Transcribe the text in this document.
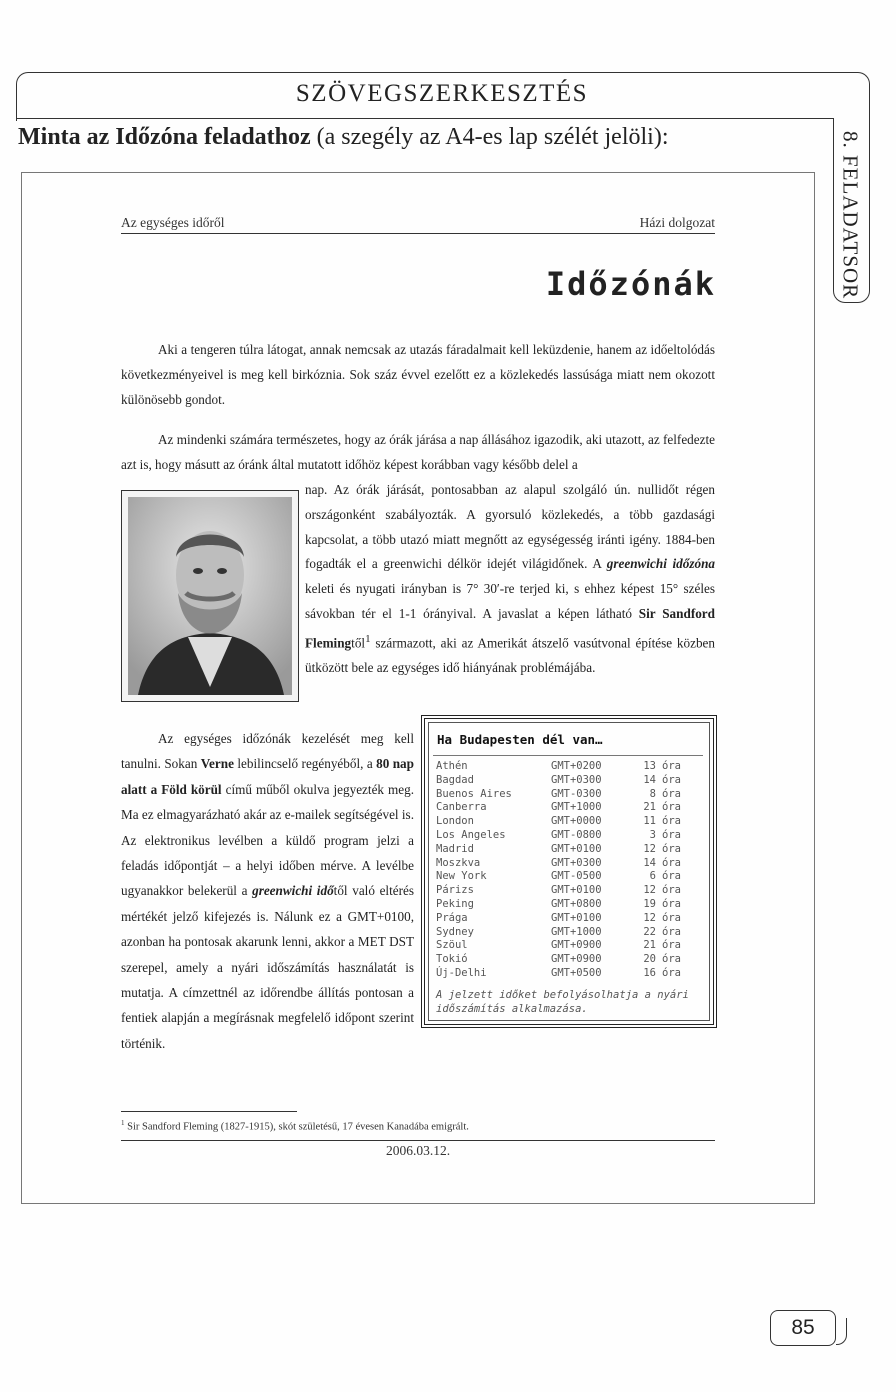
SZÖVEGSZERKESZTÉS
8. FELADATSOR
Minta az Időzóna feladathoz (a szegély az A4-es lap szélét jelöli):
Az egységes időről	Házi dolgozat
Időzónák
Aki a tengeren túlra látogat, annak nemcsak az utazás fáradalmait kell leküzdenie, hanem az időeltolódás következményeivel is meg kell birkóznia. Sok száz évvel ezelőtt ez a közlekedés lassúsága miatt nem okozott különösebb gondot.
Az mindenki számára természetes, hogy az órák járása a nap állásához igazodik, aki utazott, az felfedezte azt is, hogy másutt az óránk által mutatott időhöz képest korábban vagy később delel a
nap. Az órák járását, pontosabban az alapul szolgáló ún. nullidőt régen országonként szabályozták. A gyorsuló közlekedés, a több gazdasági kapcsolat, a több utazó miatt megnőtt az egységesség iránti igény. 1884-ben fogadták el a greenwichi délkör idejét világidőnek. A greenwichi időzóna keleti és nyugati irányban is 7° 30′-re terjed ki, s ehhez képest 15° széles sávokban tér el 1-1 órányival. A javaslat a képen látható Sir Sandford Flemingtől$^1$ származott, aki az Amerikát átszelő vasútvonal építése közben ütközött bele az egységes idő hiányának problémájába.
Az egységes időzónák kezelését meg kell tanulni. Sokan Verne lebilincselő regényéből, a 80 nap alatt a Föld körül című műből okulva jegyezték meg. Ma ez elmagyarázható akár az e-mailek segítségével is. Az elektronikus levélben a küldő program jelzi a feladás időpontját – a helyi időben mérve. A levélbe ugyanakkor belekerül a greenwichi időtől való eltérés mértékét jelző kifejezés is. Nálunk ez a GMT+0100, azonban ha pontosak akarunk lenni, akkor a MET DST szerepel, amely a nyári időszámítás használatát is mutatja. A címzettnél az időrendbe állítás pontosan a fentiek alapján a megírásnak megfelelő időpont szerint történik.
Ha Budapesten dél van…
Athén	GMT+0200	13 óra
Bagdad	GMT+0300	14 óra
Buenos Aires	GMT-0300	8 óra
Canberra	GMT+1000	21 óra
London	GMT+0000	11 óra
Los Angeles	GMT-0800	3 óra
Madrid	GMT+0100	12 óra
Moszkva	GMT+0300	14 óra
New York	GMT-0500	6 óra
Párizs	GMT+0100	12 óra
Peking	GMT+0800	19 óra
Prága	GMT+0100	12 óra
Sydney	GMT+1000	22 óra
Szöul	GMT+0900	21 óra
Tokió	GMT+0900	20 óra
Új-Delhi	GMT+0500	16 óra
A jelzett időket befolyásolhatja a nyári időszámítás alkalmazása.
$^1$ Sir Sandford Fleming (1827-1915), skót születésű, 17 évesen Kanadába emigrált.
2006.03.12.
85
